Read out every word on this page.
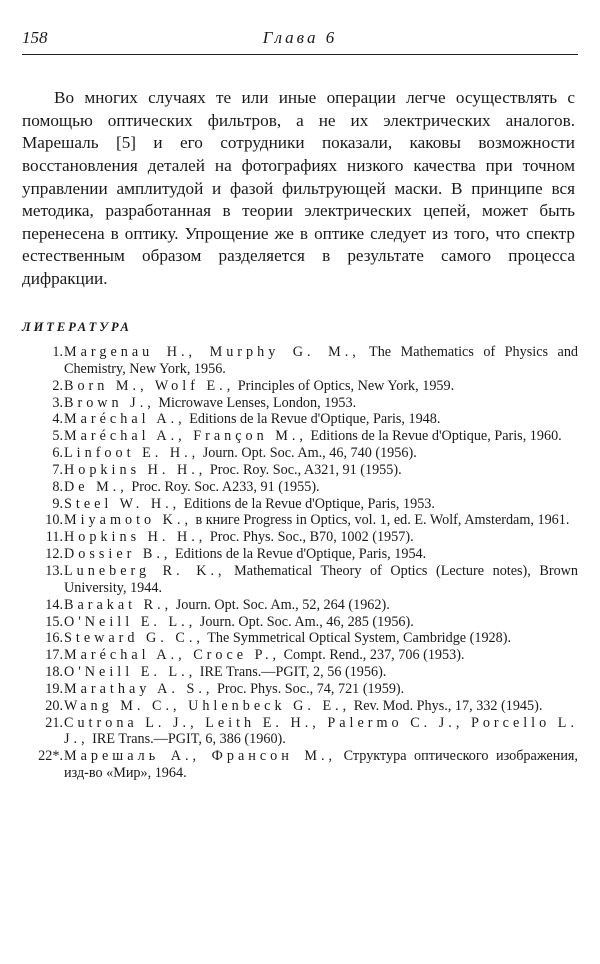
158	Глава 6

Во многих случаях те или иные операции легче осуществлять с помощью оптических фильтров, а не их электрических аналогов. Марешаль [5] и его сотрудники показали, каковы возможности восстановления деталей на фотографиях низкого качества при точном управлении амплитудой и фазой фильтрующей маски. В принципе вся методика, разработанная в теории электрических цепей, может быть перенесена в оптику. Упрощение же в оптике следует из того, что спектр естественным образом разделяется в результате самого процесса дифракции.

ЛИТЕРАТУРА
1. Margenau H., Murphy G. M., The Mathematics of Physics and Chemistry, New York, 1956.
2. Born M., Wolf E., Principles of Optics, New York, 1959.
3. Brown J., Microwave Lenses, London, 1953.
4. Maréchal A., Editions de la Revue d'Optique, Paris, 1948.
5. Maréchal A., Françon M., Editions de la Revue d'Optique, Paris, 1960.
6. Linfoot E. H., Journ. Opt. Soc. Am., 46, 740 (1956).
7. Hopkins H. H., Proc. Roy. Soc., A321, 91 (1955).
8. De M., Proc. Roy. Soc. A233, 91 (1955).
9. Steel W. H., Editions de la Revue d'Optique, Paris, 1953.
10. Miyamoto K., в книге Progress in Optics, vol. 1, ed. E. Wolf, Amsterdam, 1961.
11. Hopkins H. H., Proc. Phys. Soc., B70, 1002 (1957).
12. Dossier B., Editions de la Revue d'Optique, Paris, 1954.
13. Luneberg R. K., Mathematical Theory of Optics (Lecture notes), Brown University, 1944.
14. Barakat R., Journ. Opt. Soc. Am., 52, 264 (1962).
15. O'Neill E. L., Journ. Opt. Soc. Am., 46, 285 (1956).
16. Steward G. C., The Symmetrical Optical System, Cambridge (1928).
17. Maréchal A., Croce P., Compt. Rend., 237, 706 (1953).
18. O'Neill E. L., IRE Trans.—PGIT, 2, 56 (1956).
19. Marathay A. S., Proc. Phys. Soc., 74, 721 (1959).
20. Wang M. C., Uhlenbeck G. E., Rev. Mod. Phys., 17, 332 (1945).
21. Cutrona L. J., Leith E. H., Palermo C. J., Porcello L. J., IRE Trans.—PGIT, 6, 386 (1960).
22*. Марешаль А., Франсон М., Структура оптического изображения, изд-во «Мир», 1964.
